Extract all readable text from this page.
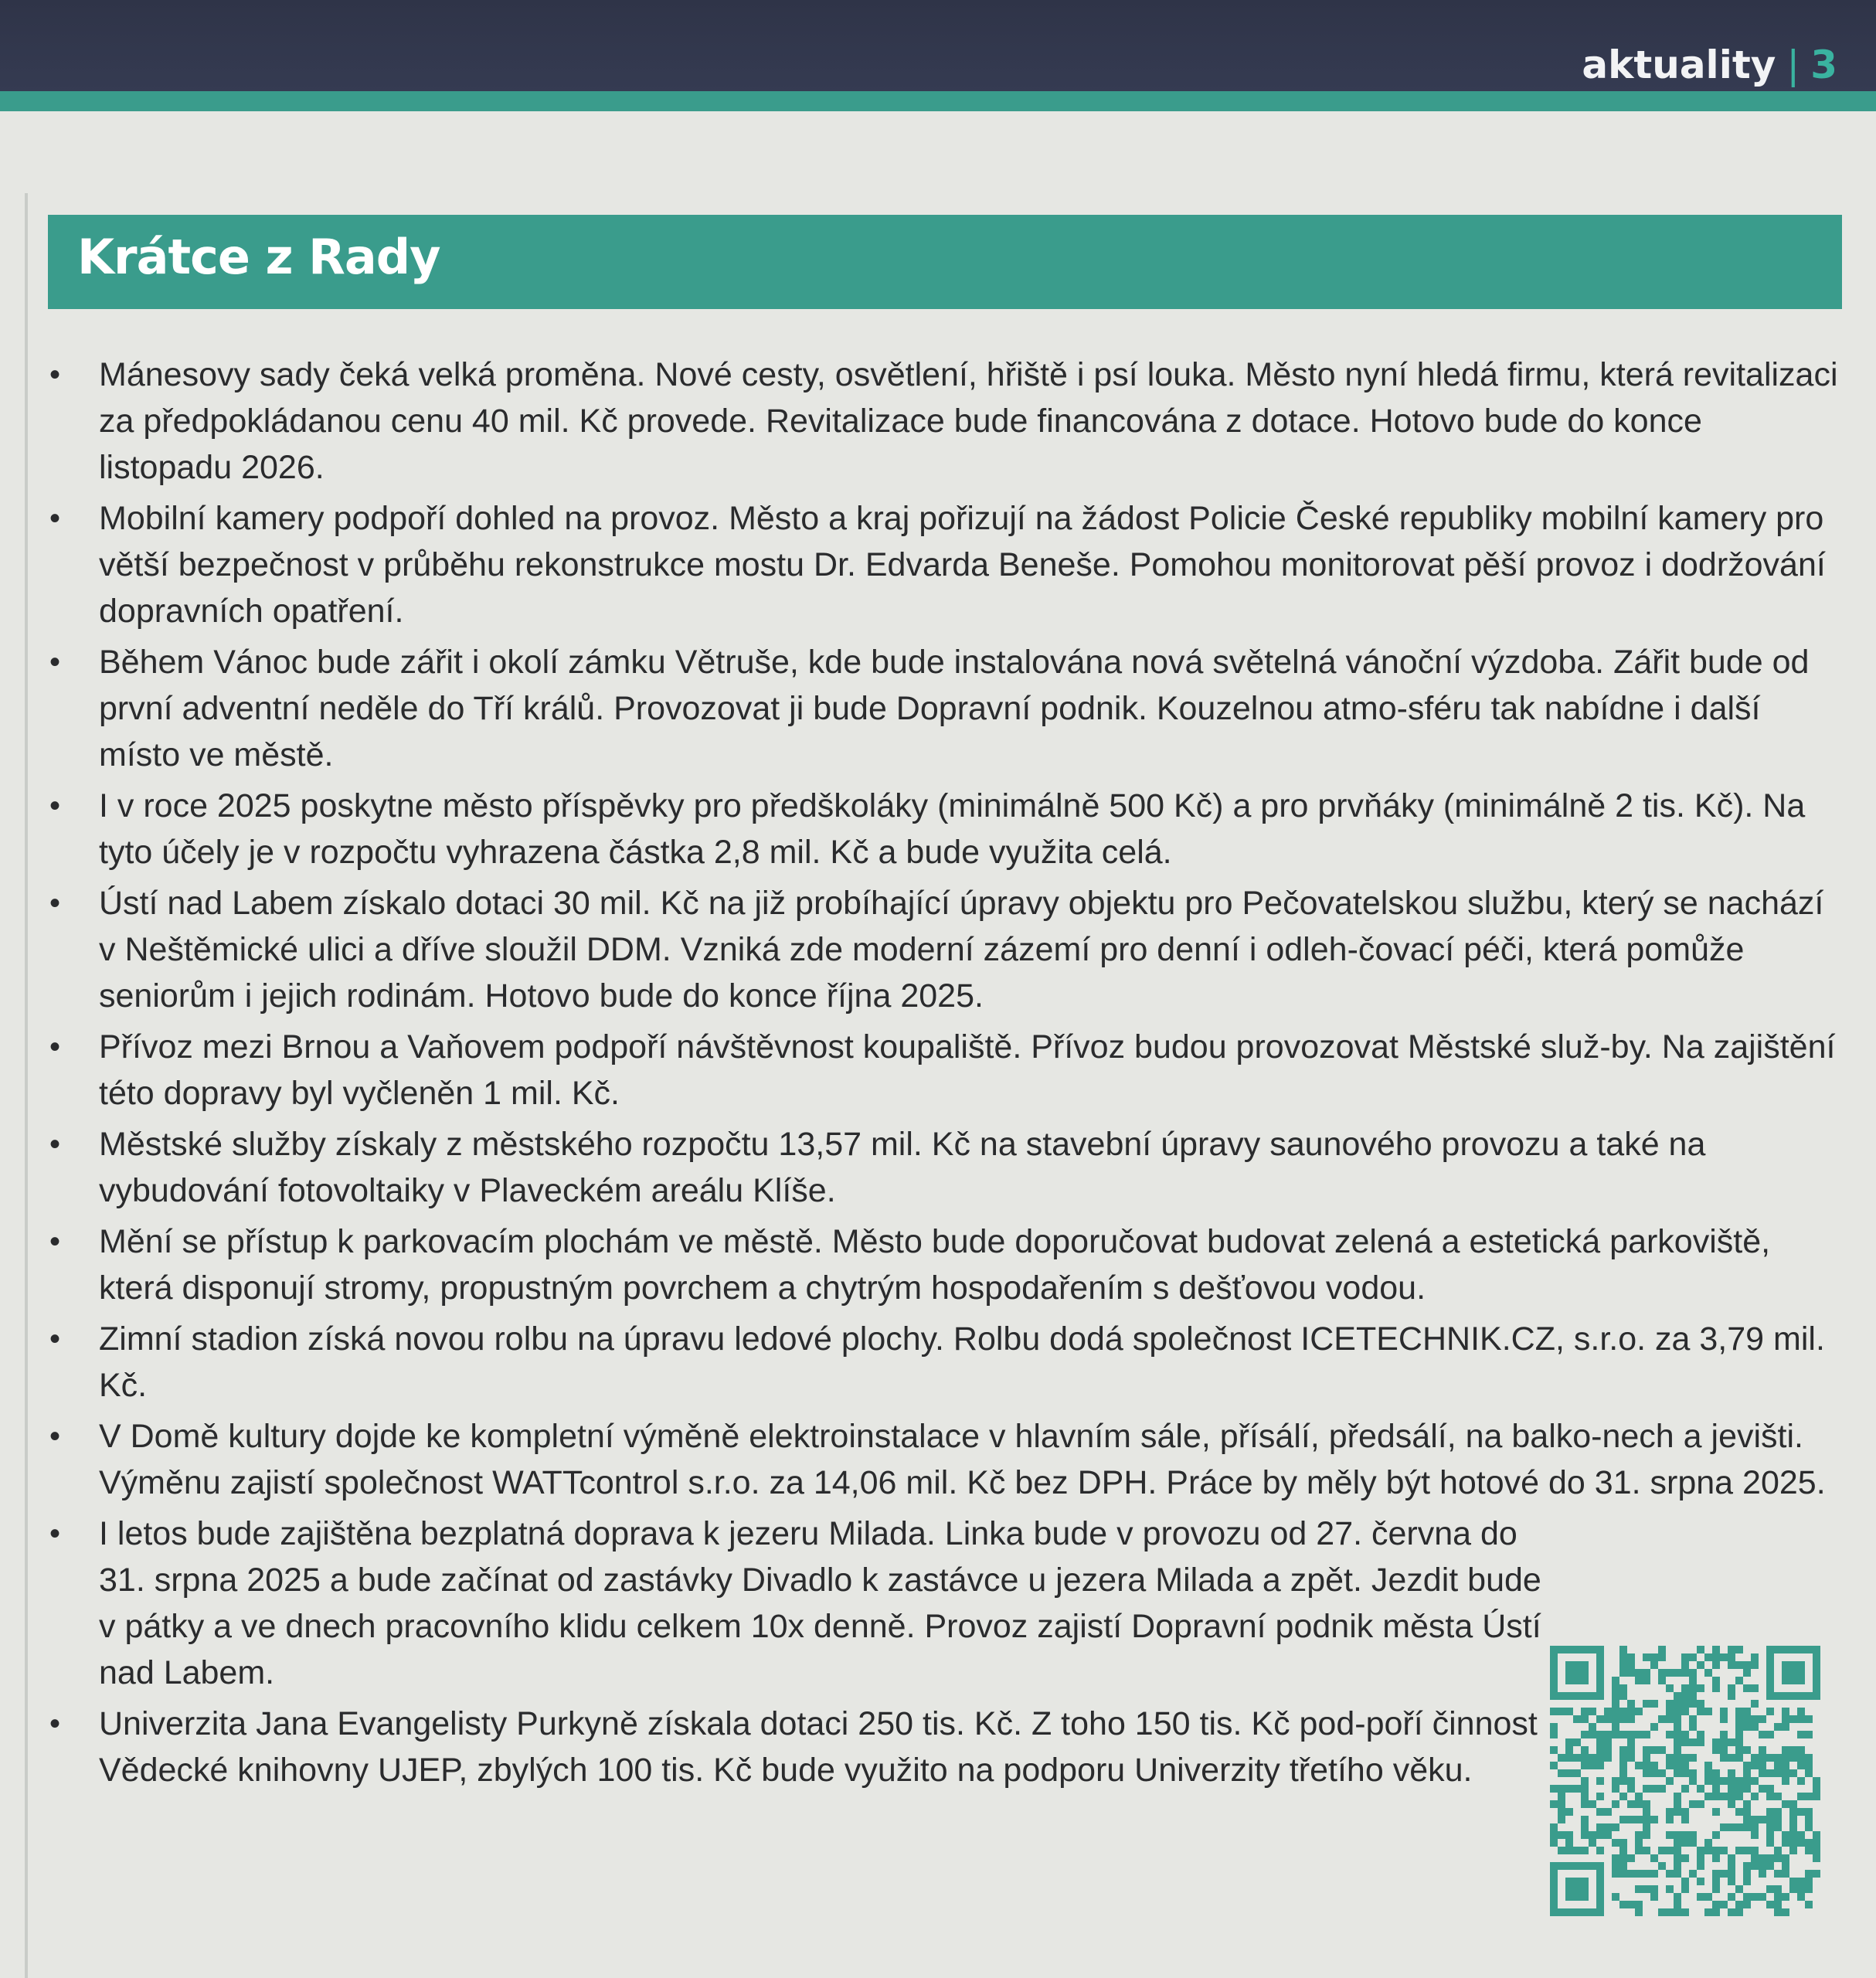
aktuality | 3
Krátce z Rady
• Mánesovy sady čeká velká proměna. Nové cesty, osvětlení, hřiště i psí louka. Město nyní hledá firmu, která revitalizaci za předpokládanou cenu 40 mil. Kč provede. Revitalizace bude financována z dotace. Hotovo bude do konce listopadu 2026.
• Mobilní kamery podpoří dohled na provoz. Město a kraj pořizují na žádost Policie České republiky mobilní kamery pro větší bezpečnost v průběhu rekonstrukce mostu Dr. Edvarda Beneše. Pomohou monitorovat pěší provoz i dodržování dopravních opatření.
• Během Vánoc bude zářit i okolí zámku Větruše, kde bude instalována nová světelná vánoční výzdoba. Zářit bude od první adventní neděle do Tří králů. Provozovat ji bude Dopravní podnik. Kouzelnou atmo-sféru tak nabídne i další místo ve městě.
• I v roce 2025 poskytne město příspěvky pro předškoláky (minimálně 500 Kč) a pro prvňáky (minimálně 2 tis. Kč). Na tyto účely je v rozpočtu vyhrazena částka 2,8 mil. Kč a bude využita celá.
• Ústí nad Labem získalo dotaci 30 mil. Kč na již probíhající úpravy objektu pro Pečovatelskou službu, který se nachází v Neštěmické ulici a dříve sloužil DDM. Vzniká zde moderní zázemí pro denní i odleh-čovací péči, která pomůže seniorům i jejich rodinám. Hotovo bude do konce října 2025.
• Přívoz mezi Brnou a Vaňovem podpoří návštěvnost koupaliště. Přívoz budou provozovat Městské služ-by. Na zajištění této dopravy byl vyčleněn 1 mil. Kč.
• Městské služby získaly z městského rozpočtu 13,57 mil. Kč na stavební úpravy saunového provozu a také na vybudování fotovoltaiky v Plaveckém areálu Klíše.
• Mění se přístup k parkovacím plochám ve městě. Město bude doporučovat budovat zelená a estetická parkoviště, která disponují stromy, propustným povrchem a chytrým hospodařením s dešťovou vodou.
• Zimní stadion získá novou rolbu na úpravu ledové plochy. Rolbu dodá společnost ICETECHNIK.CZ, s.r.o. za 3,79 mil. Kč.
• V Domě kultury dojde ke kompletní výměně elektroinstalace v hlavním sále, přísálí, předsálí, na balko-nech a jevišti. Výměnu zajistí společnost WATTcontrol s.r.o. za 14,06 mil. Kč bez DPH. Práce by měly být hotové do 31. srpna 2025.
• I letos bude zajištěna bezplatná doprava k jezeru Milada. Linka bude v provozu od 27. června do 31. srpna 2025 a bude začínat od zastávky Divadlo k zastávce u jezera Milada a zpět. Jezdit bude v pátky a ve dnech pracovního klidu celkem 10x denně. Provoz zajistí Dopravní podnik města Ústí nad Labem.
• Univerzita Jana Evangelisty Purkyně získala dotaci 250 tis. Kč. Z toho 150 tis. Kč pod-poří činnost Vědecké knihovny UJEP, zbylých 100 tis. Kč bude využito na podporu Univerzity třetího věku.
